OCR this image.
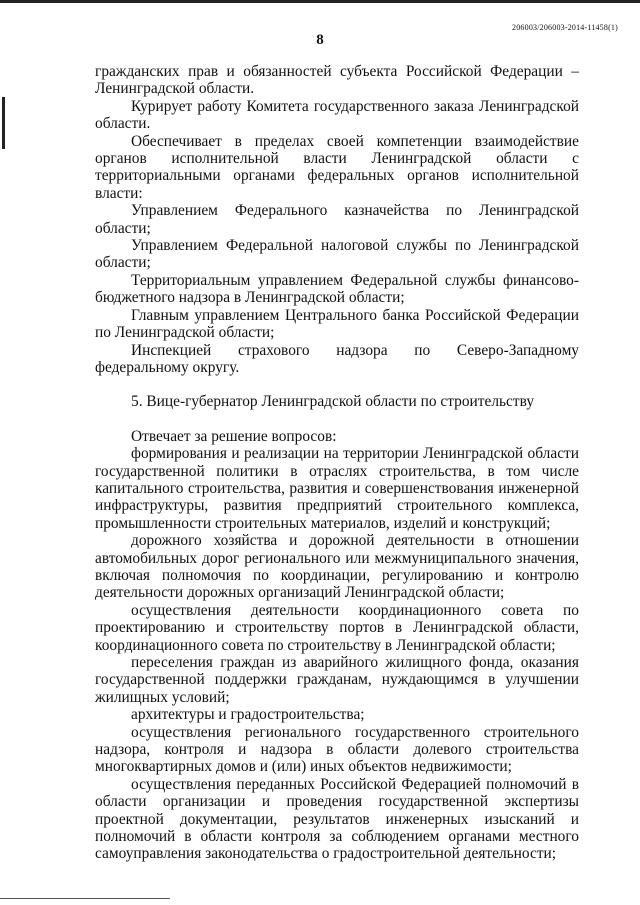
206003/206003-2014-11458(1)
8
гражданских прав и обязанностей субъекта Российской Федерации – Ленинградской области.
Курирует работу Комитета государственного заказа Ленинградской области.
Обеспечивает в пределах своей компетенции взаимодействие органов исполнительной власти Ленинградской области с территориальными органами федеральных органов исполнительной власти:
Управлением Федерального казначейства по Ленинградской области;
Управлением Федеральной налоговой службы по Ленинградской области;
Территориальным управлением Федеральной службы финансово-бюджетного надзора в Ленинградской области;
Главным управлением Центрального банка Российской Федерации по Ленинградской области;
Инспекцией страхового надзора по Северо-Западному федеральному округу.
5. Вице-губернатор Ленинградской области по строительству
Отвечает за решение вопросов:
формирования и реализации на территории Ленинградской области государственной политики в отраслях строительства, в том числе капитального строительства, развития и совершенствования инженерной инфраструктуры, развития предприятий строительного комплекса, промышленности строительных материалов, изделий и конструкций;
дорожного хозяйства и дорожной деятельности в отношении автомобильных дорог регионального или межмуниципального значения, включая полномочия по координации, регулированию и контролю деятельности дорожных организаций Ленинградской области;
осуществления деятельности координационного совета по проектированию и строительству портов в Ленинградской области, координационного совета по строительству в Ленинградской области;
переселения граждан из аварийного жилищного фонда, оказания государственной поддержки гражданам, нуждающимся в улучшении жилищных условий;
архитектуры и градостроительства;
осуществления регионального государственного строительного надзора, контроля и надзора в области долевого строительства многоквартирных домов и (или) иных объектов недвижимости;
осуществления переданных Российской Федерацией полномочий в области организации и проведения государственной экспертизы проектной документации, результатов инженерных изысканий и полномочий в области контроля за соблюдением органами местного самоуправления законодательства о градостроительной деятельности;
